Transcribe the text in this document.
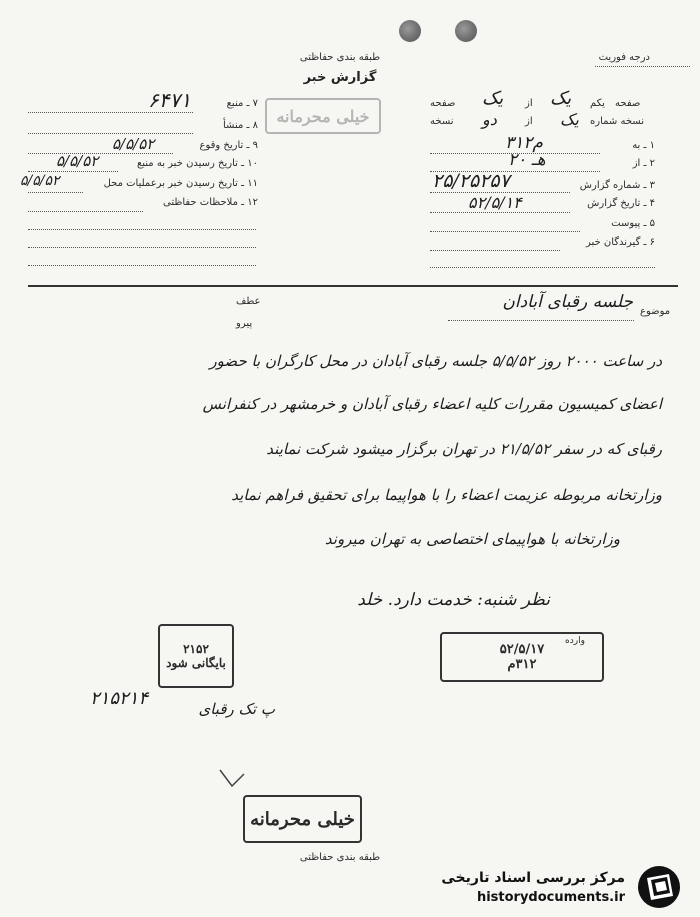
طبقه بندی حفاظتی
گزارش خبر
درجه فوریت
خیلی محرمانه
۷ ـ منبع
۶۴۷۱
۸ ـ منشأ
۹ ـ تاریخ وقوع
۵/۵/۵۲
۱۰ ـ تاریخ رسیدن خبر به منبع
۵/۵/۵۲
۱۱ ـ تاریخ رسیدن خبر برعملیات محل
۵/۵/۵۲
۱۲ ـ ملاحظات حفاظتی
صفحه
یکم
یک
از
یک
صفحه
نسخه شماره
یک
از
دو
نسخه
۱ ـ به
۳۱۲م
۲ ـ از
۲۰ هـ
۳ ـ شماره گزارش
۲۵/۲۵۲۵۷
۴ ـ تاریخ گزارش
۵۲/۵/۱۴
۵ ـ پیوست
۶ ـ گیرندگان خبر
عطف
پیرو
موضوع
جلسه رقبای آبادان
در ساعت ۲۰۰۰ روز ۵/۵/۵۲ جلسه رقبای آبادان در محل کارگران با حضور
اعضای کمیسیون مقررات کلیه اعضاء رقبای آبادان و خرمشهر در کنفرانس
رقبای که در سفر ۲۱/۵/۵۲ در تهران برگزار میشود شرکت نمایند
وزارتخانه مربوطه عزیمت اعضاء را با هواپیما برای تحقیق فراهم نماید
وزارتخانه با هواپیمای اختصاصی به تهران میروند
نظر شنبه: خدمت دارد. خلد
۲۱۵۲
بایگانی شود
۵۲/۵/۱۷
۳۱۲م
وارده
۲۱۵۲۱۴	پ تک رقبای
خیلی محرمانه
طبقه بندی حفاظتی
مرکز بررسی اسناد تاریخی
historydocuments.ir
